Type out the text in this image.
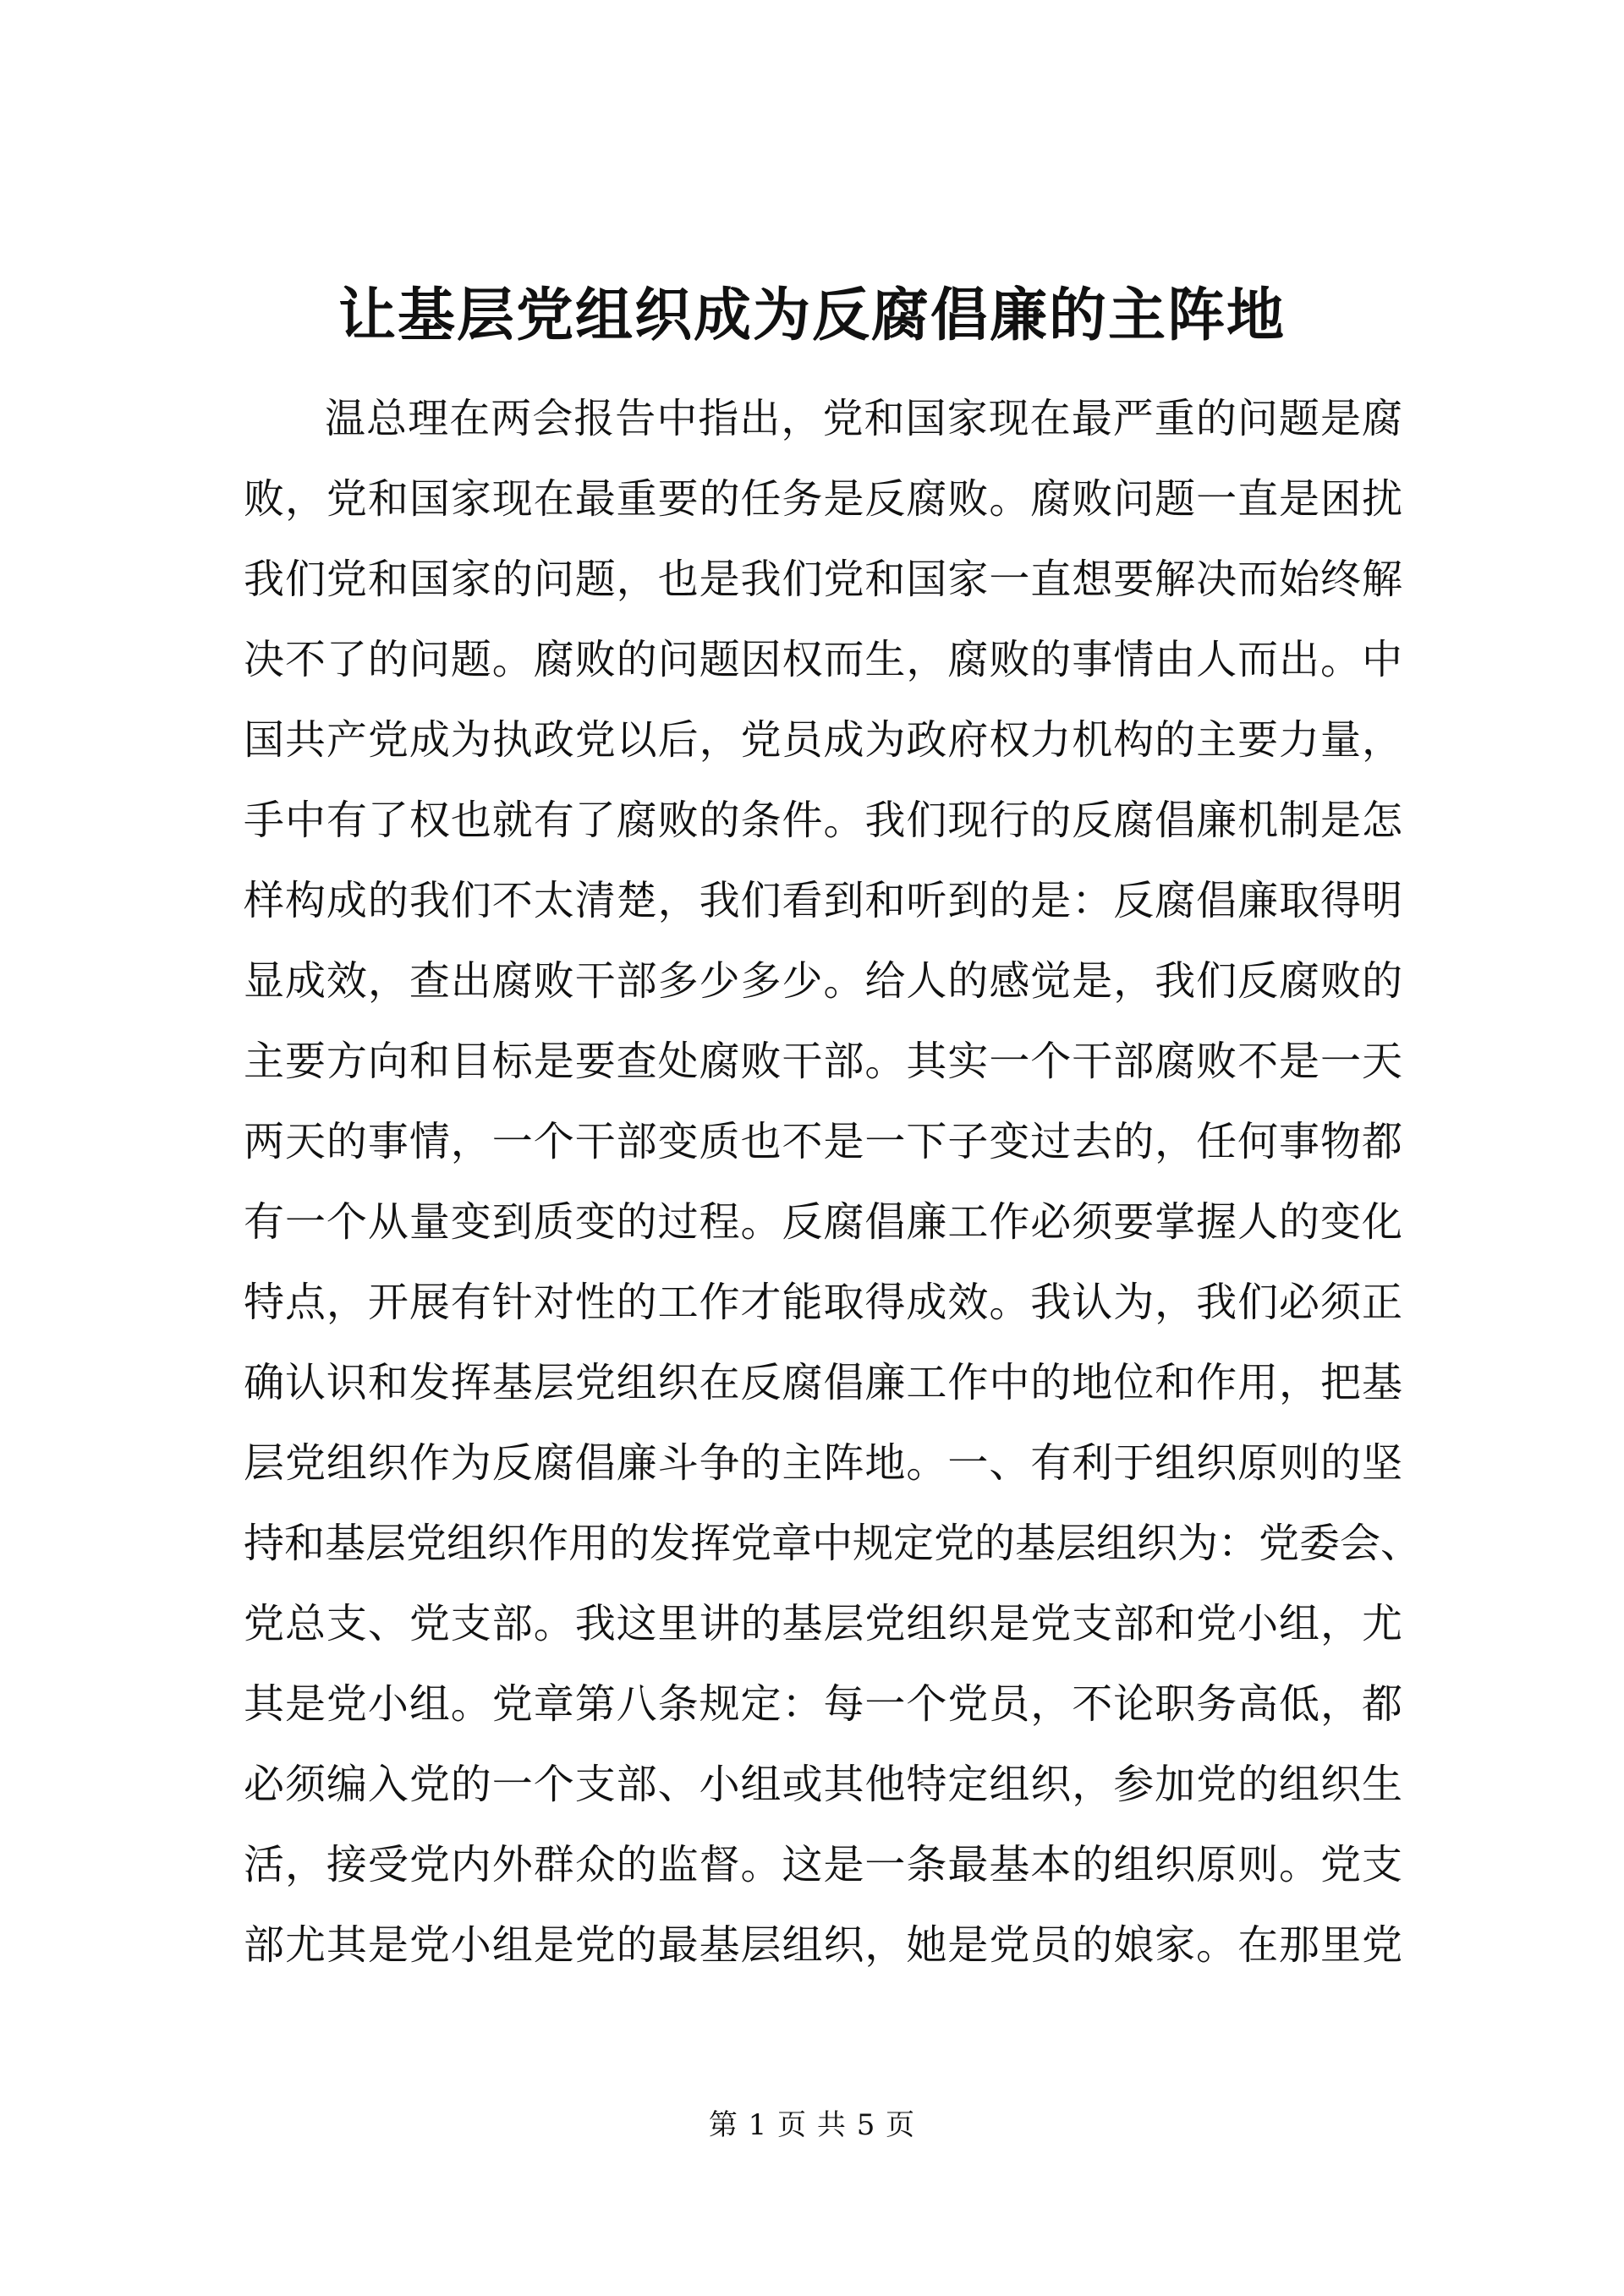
让基层党组织成为反腐倡廉的主阵地
温总理在两会报告中指出，党和国家现在最严重的问题是腐
败，党和国家现在最重要的任务是反腐败。腐败问题一直是困扰
我们党和国家的问题，也是我们党和国家一直想要解决而始终解
决不了的问题。腐败的问题因权而生，腐败的事情由人而出。中
国共产党成为执政党以后，党员成为政府权力机构的主要力量，
手中有了权也就有了腐败的条件。我们现行的反腐倡廉机制是怎
样构成的我们不太清楚，我们看到和听到的是：反腐倡廉取得明
显成效，查出腐败干部多少多少。给人的感觉是，我们反腐败的
主要方向和目标是要查处腐败干部。其实一个干部腐败不是一天
两天的事情，一个干部变质也不是一下子变过去的，任何事物都
有一个从量变到质变的过程。反腐倡廉工作必须要掌握人的变化
特点，开展有针对性的工作才能取得成效。我认为，我们必须正
确认识和发挥基层党组织在反腐倡廉工作中的地位和作用，把基
层党组织作为反腐倡廉斗争的主阵地。一、有利于组织原则的坚
持和基层党组织作用的发挥党章中规定党的基层组织为：党委会、
党总支、党支部。我这里讲的基层党组织是党支部和党小组，尤
其是党小组。党章第八条规定：每一个党员，不论职务高低，都
必须编入党的一个支部、小组或其他特定组织，参加党的组织生
活，接受党内外群众的监督。这是一条最基本的组织原则。党支
部尤其是党小组是党的最基层组织，她是党员的娘家。在那里党
第 1 页 共 5 页
